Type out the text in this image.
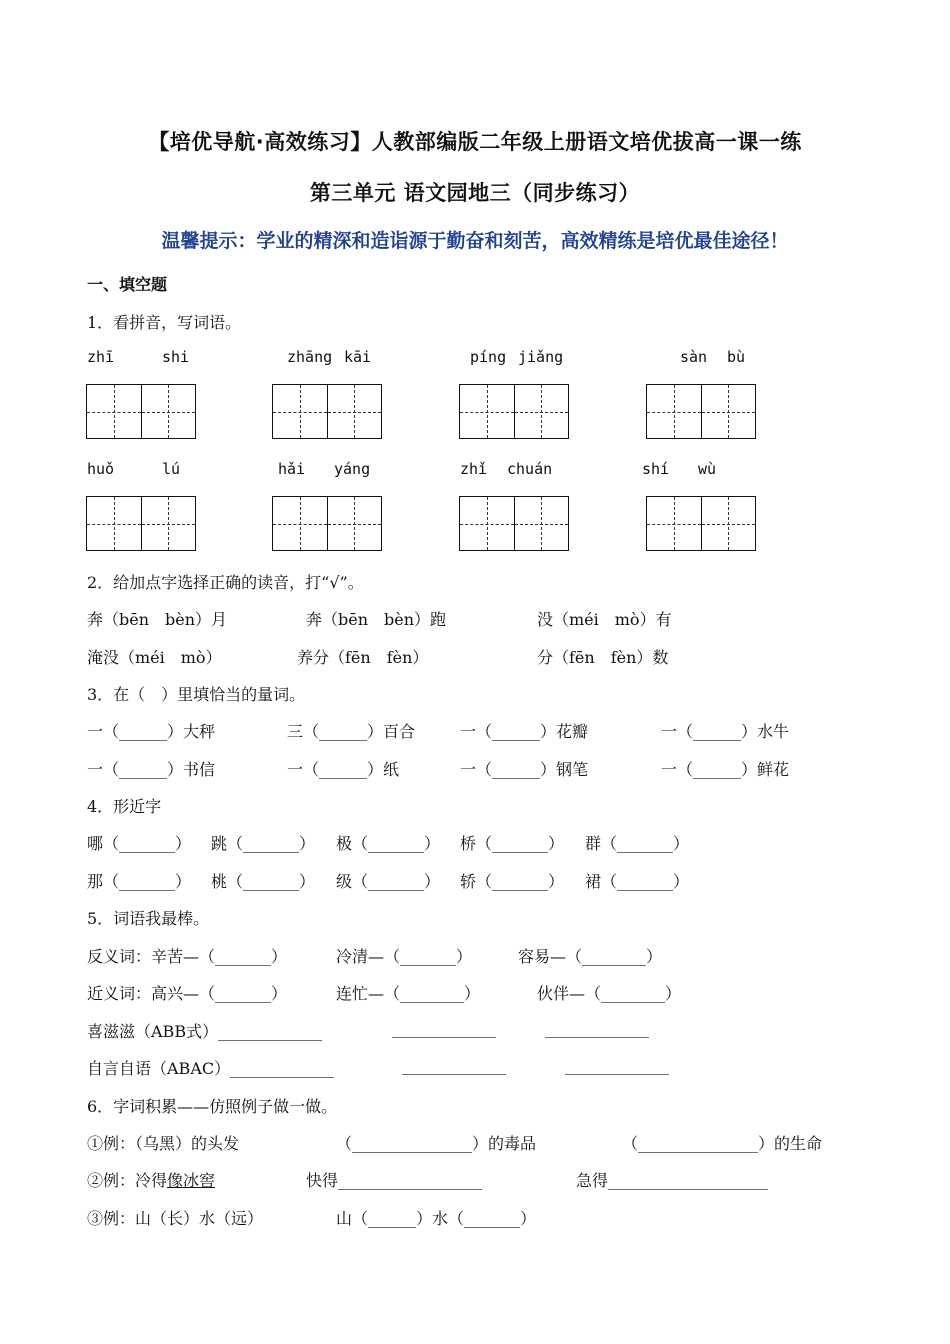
【培优导航·高效练习】人教部编版二年级上册语文培优拔高一课一练
第三单元 语文园地三（同步练习）
温馨提示：学业的精深和造诣源于勤奋和刻苦，高效精练是培优最佳途径！
一、填空题
1．看拼音，写词语。
zhī	shi	zhāng kāi	píng jiǎng	sàn bù
huǒ	lú	hǎi yáng	zhǐ chuán	shí wù
2．给加点字选择正确的读音，打“√”。
奔（bēn　bèn）月	奔（bēn　bèn）跑	没（méi　mò）有
淹没（méi　mò）	养分（fēn　fèn）	分（fēn　fèn）数
3．在（　）里填恰当的量词。
一（______）大秤	三（______）百合	一（______）花瓣	一（______）水牛
一（______）书信	一（______）纸	一（______）钢笔	一（______）鲜花
4．形近字
哪（_______） 跳（_______） 极（_______） 桥（_______） 群（_______）
那（_______） 桃（_______） 级（_______） 轿（_______） 裙（_______）
5．词语我最棒。
反义词：辛苦—（_______）	冷清—（_______）	容易—（________）
近义词：高兴—（_______）	连忙—（________）	伙伴—（________）
喜滋滋（ABB式）_____________	_____________	_____________
自言自语（ABAC）_____________	_____________	_____________
6．字词积累——仿照例子做一做。
①例：（乌黑）的头发	（_______________）的毒品	（_______________）的生命
②例：冷得像冰窖	快得__________________	急得____________________
③例：山（长）水（远）	山（______）水（_______）
